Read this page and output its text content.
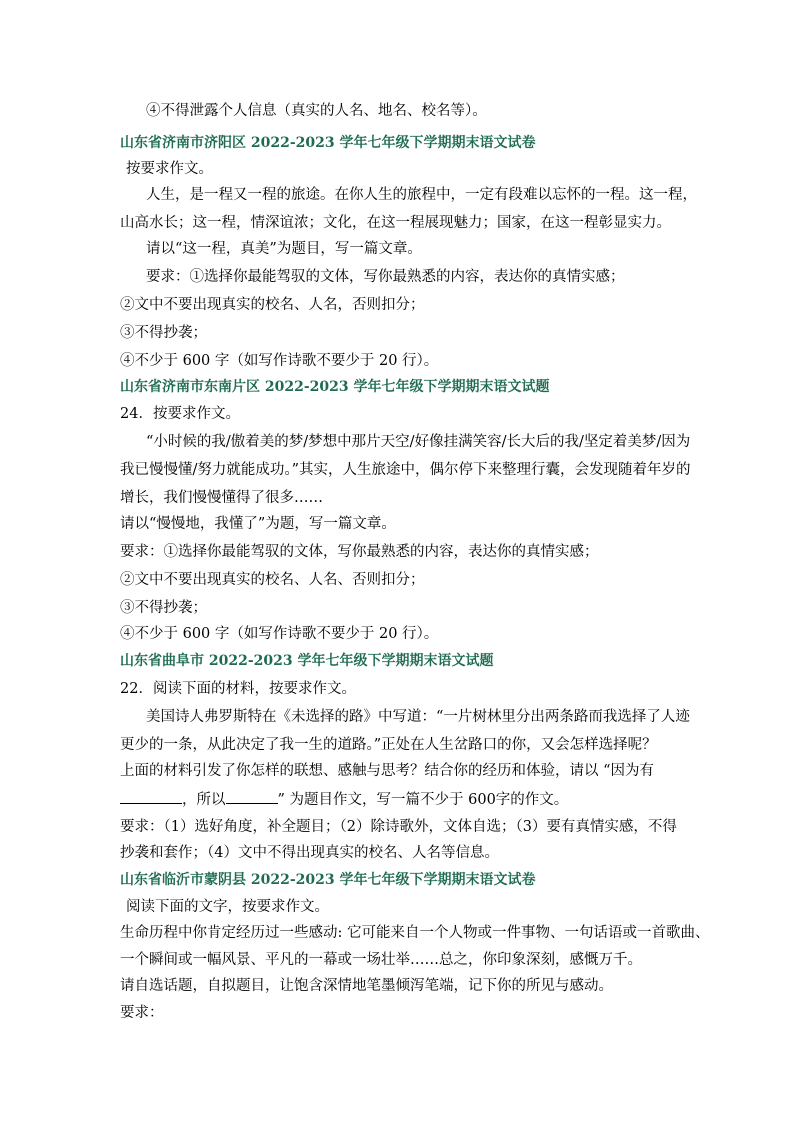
④不得泄露个人信息（真实的人名、地名、校名等）。
山东省济南市济阳区 2022-2023 学年七年级下学期期末语文试卷
按要求作文。
人生，是一程又一程的旅途。在你人生的旅程中，一定有段难以忘怀的一程。这一程，
山高水长；这一程，情深谊浓；文化，在这一程展现魅力；国家，在这一程彰显实力。
请以“这一程，真美”为题目，写一篇文章。
要求：①选择你最能驾驭的文体，写你最熟悉的内容，表达你的真情实感；
②文中不要出现真实的校名、人名，否则扣分；
③不得抄袭；
④不少于 600 字（如写作诗歌不要少于 20 行）。
山东省济南市东南片区 2022-2023 学年七年级下学期期末语文试题
24．按要求作文。
“小时候的我/傲着美的梦/梦想中那片天空/好像挂满笑容/长大后的我/坚定着美梦/因为
我已慢慢懂/努力就能成功。”其实，人生旅途中，偶尔停下来整理行囊，会发现随着年岁的
增长，我们慢慢懂得了很多……
请以“慢慢地，我懂了”为题，写一篇文章。
要求：①选择你最能驾驭的文体，写你最熟悉的内容，表达你的真情实感；
②文中不要出现真实的校名、人名、否则扣分；
③不得抄袭；
④不少于 600 字（如写作诗歌不要少于 20 行）。
山东省曲阜市 2022-2023 学年七年级下学期期末语文试题
22．阅读下面的材料，按要求作文。
美国诗人弗罗斯特在《未选择的路》中写道：“一片树林里分出两条路而我选择了人迹
更少的一条，从此决定了我一生的道路。”正处在人生岔路口的你，又会怎样选择呢？
上面的材料引发了你怎样的联想、感触与思考？结合你的经历和体验，请以 “因为有
，所以	” 为题目作文，写一篇不少于 600字的作文。
要求：（1）选好角度，补全题目；（2）除诗歌外，文体自选；（3）要有真情实感，不得
抄袭和套作；（4）文中不得出现真实的校名、人名等信息。
山东省临沂市蒙阴县 2022-2023 学年七年级下学期期末语文试卷
阅读下面的文字，按要求作文。
生命历程中你肯定经历过一些感动: 它可能来自一个人物或一件事物、一句话语或一首歌曲、
一个瞬间或一幅风景、平凡的一幕或一场壮举……总之，你印象深刻，感慨万千。
请自选话题，自拟题目，让饱含深情地笔墨倾泻笔端，记下你的所见与感动。
要求：
